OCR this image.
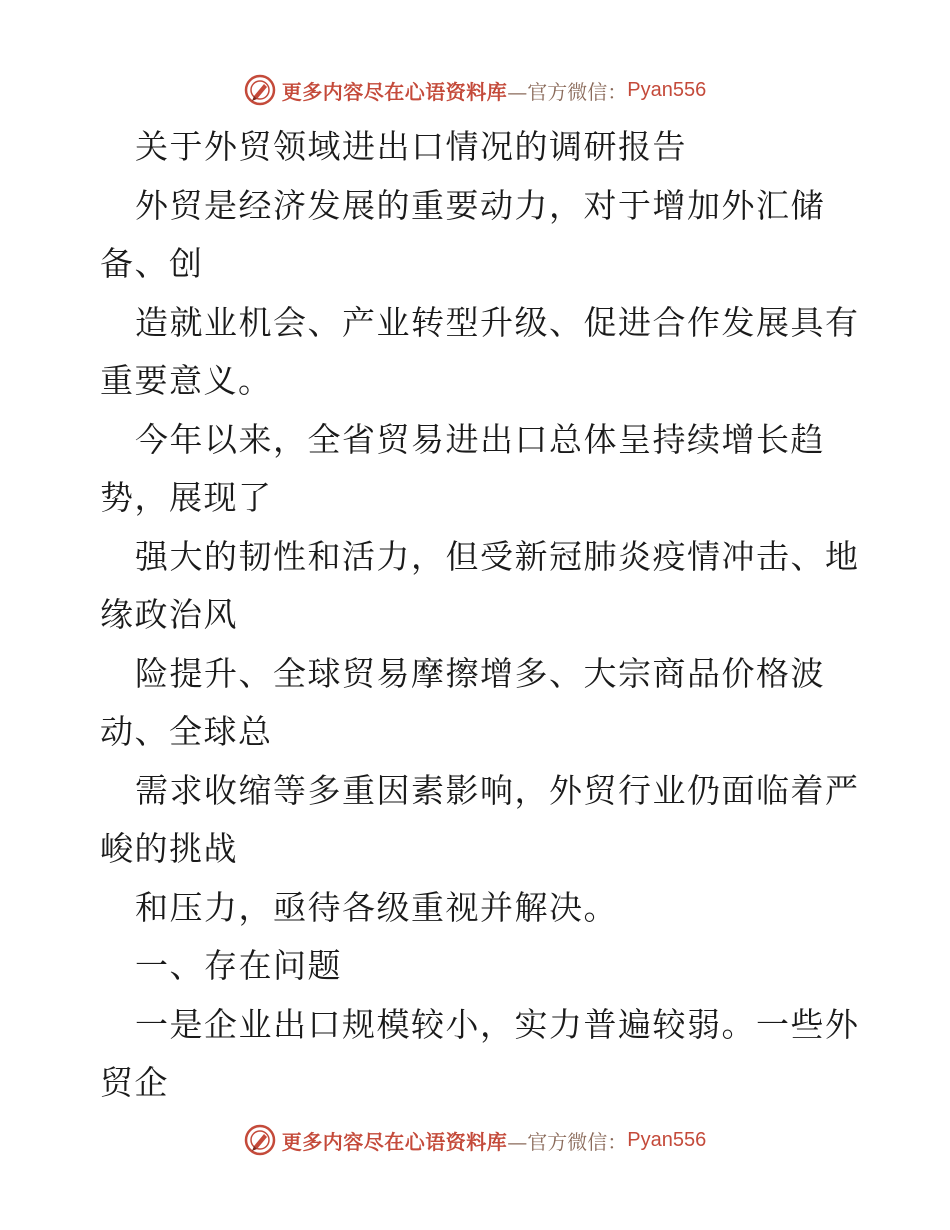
更多内容尽在心语资料库 —官方微信： Pyan556
关于外贸领域进出口情况的调研报告
外贸是经济发展的重要动力，对于增加外汇储
备、创
造就业机会、产业转型升级、促进合作发展具有
重要意义。
今年以来，全省贸易进出口总体呈持续增长趋
势，展现了
强大的韧性和活力，但受新冠肺炎疫情冲击、地
缘政治风
险提升、全球贸易摩擦增多、大宗商品价格波
动、全球总
需求收缩等多重因素影响，外贸行业仍面临着严
峻的挑战
和压力，亟待各级重视并解决。
一、存在问题
一是企业出口规模较小，实力普遍较弱。一些外
贸企
更多内容尽在心语资料库 —官方微信： Pyan556
